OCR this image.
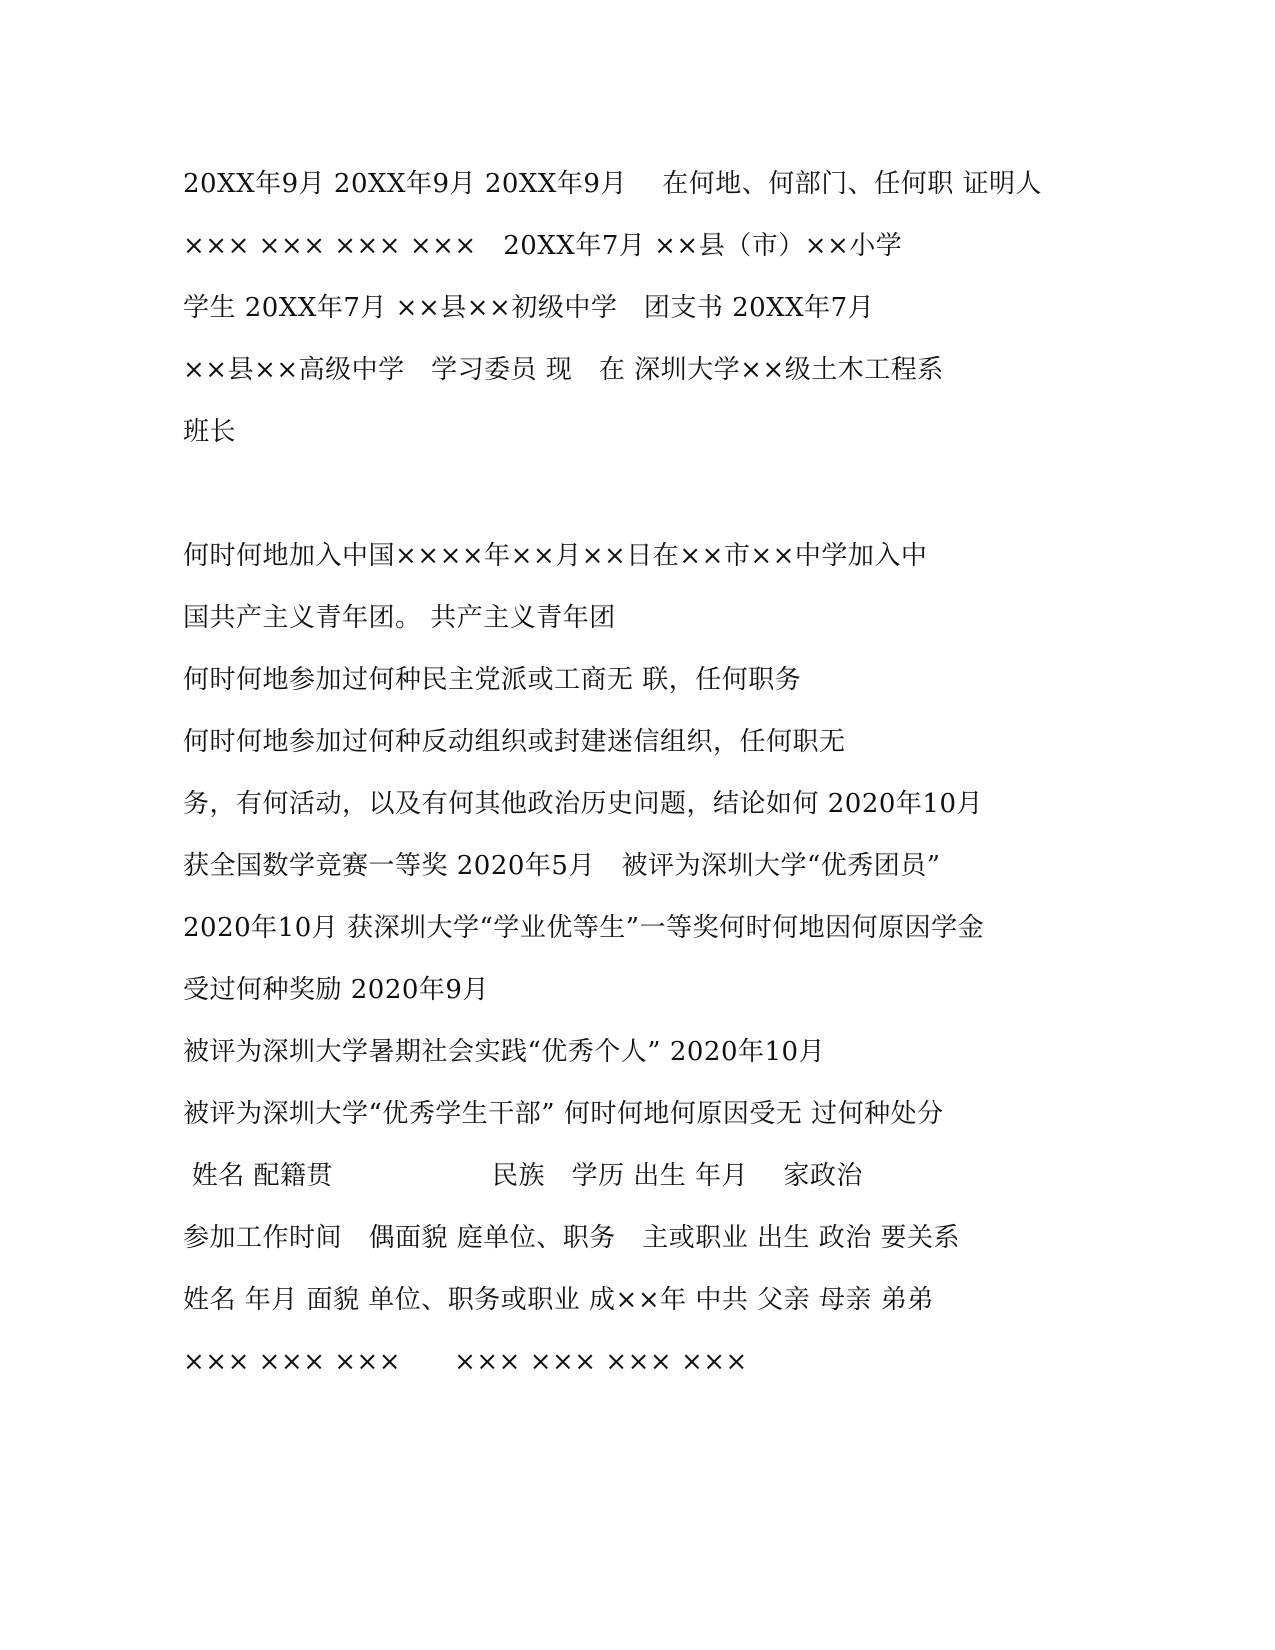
20XX年9月 20XX年9月 20XX年9月　 在何地、何部门、任何职 证明人
××× ××× ××× ×××　20XX年7月 ××县（市）××小学
学生 20XX年7月 ××县××初级中学　团支书 20XX年7月
××县××高级中学　学习委员 现　在 深圳大学××级土木工程系
班长
何时何地加入中国××××年××月××日在××市××中学加入中
国共产主义青年团。 共产主义青年团
何时何地参加过何种民主党派或工商无 联，任何职务
何时何地参加过何种反动组织或封建迷信组织，任何职无
务，有何活动，以及有何其他政治历史问题，结论如何 2020年10月
获全国数学竞赛一等奖 2020年5月　被评为深圳大学“优秀团员”
2020年10月 获深圳大学“学业优等生”一等奖何时何地因何原因学金
受过何种奖励 2020年9月
被评为深圳大学暑期社会实践“优秀个人” 2020年10月
被评为深圳大学“优秀学生干部” 何时何地何原因受无 过何种处分
姓名 配籍贯　　　　　　民族　学历 出生 年月　 家政治
参加工作时间　偶面貌 庭单位、职务　主或职业 出生 政治 要关系
姓名 年月 面貌 单位、职务或职业 成××年 中共 父亲 母亲 弟弟
××× ××× ×××　　××× ××× ××× ×××
